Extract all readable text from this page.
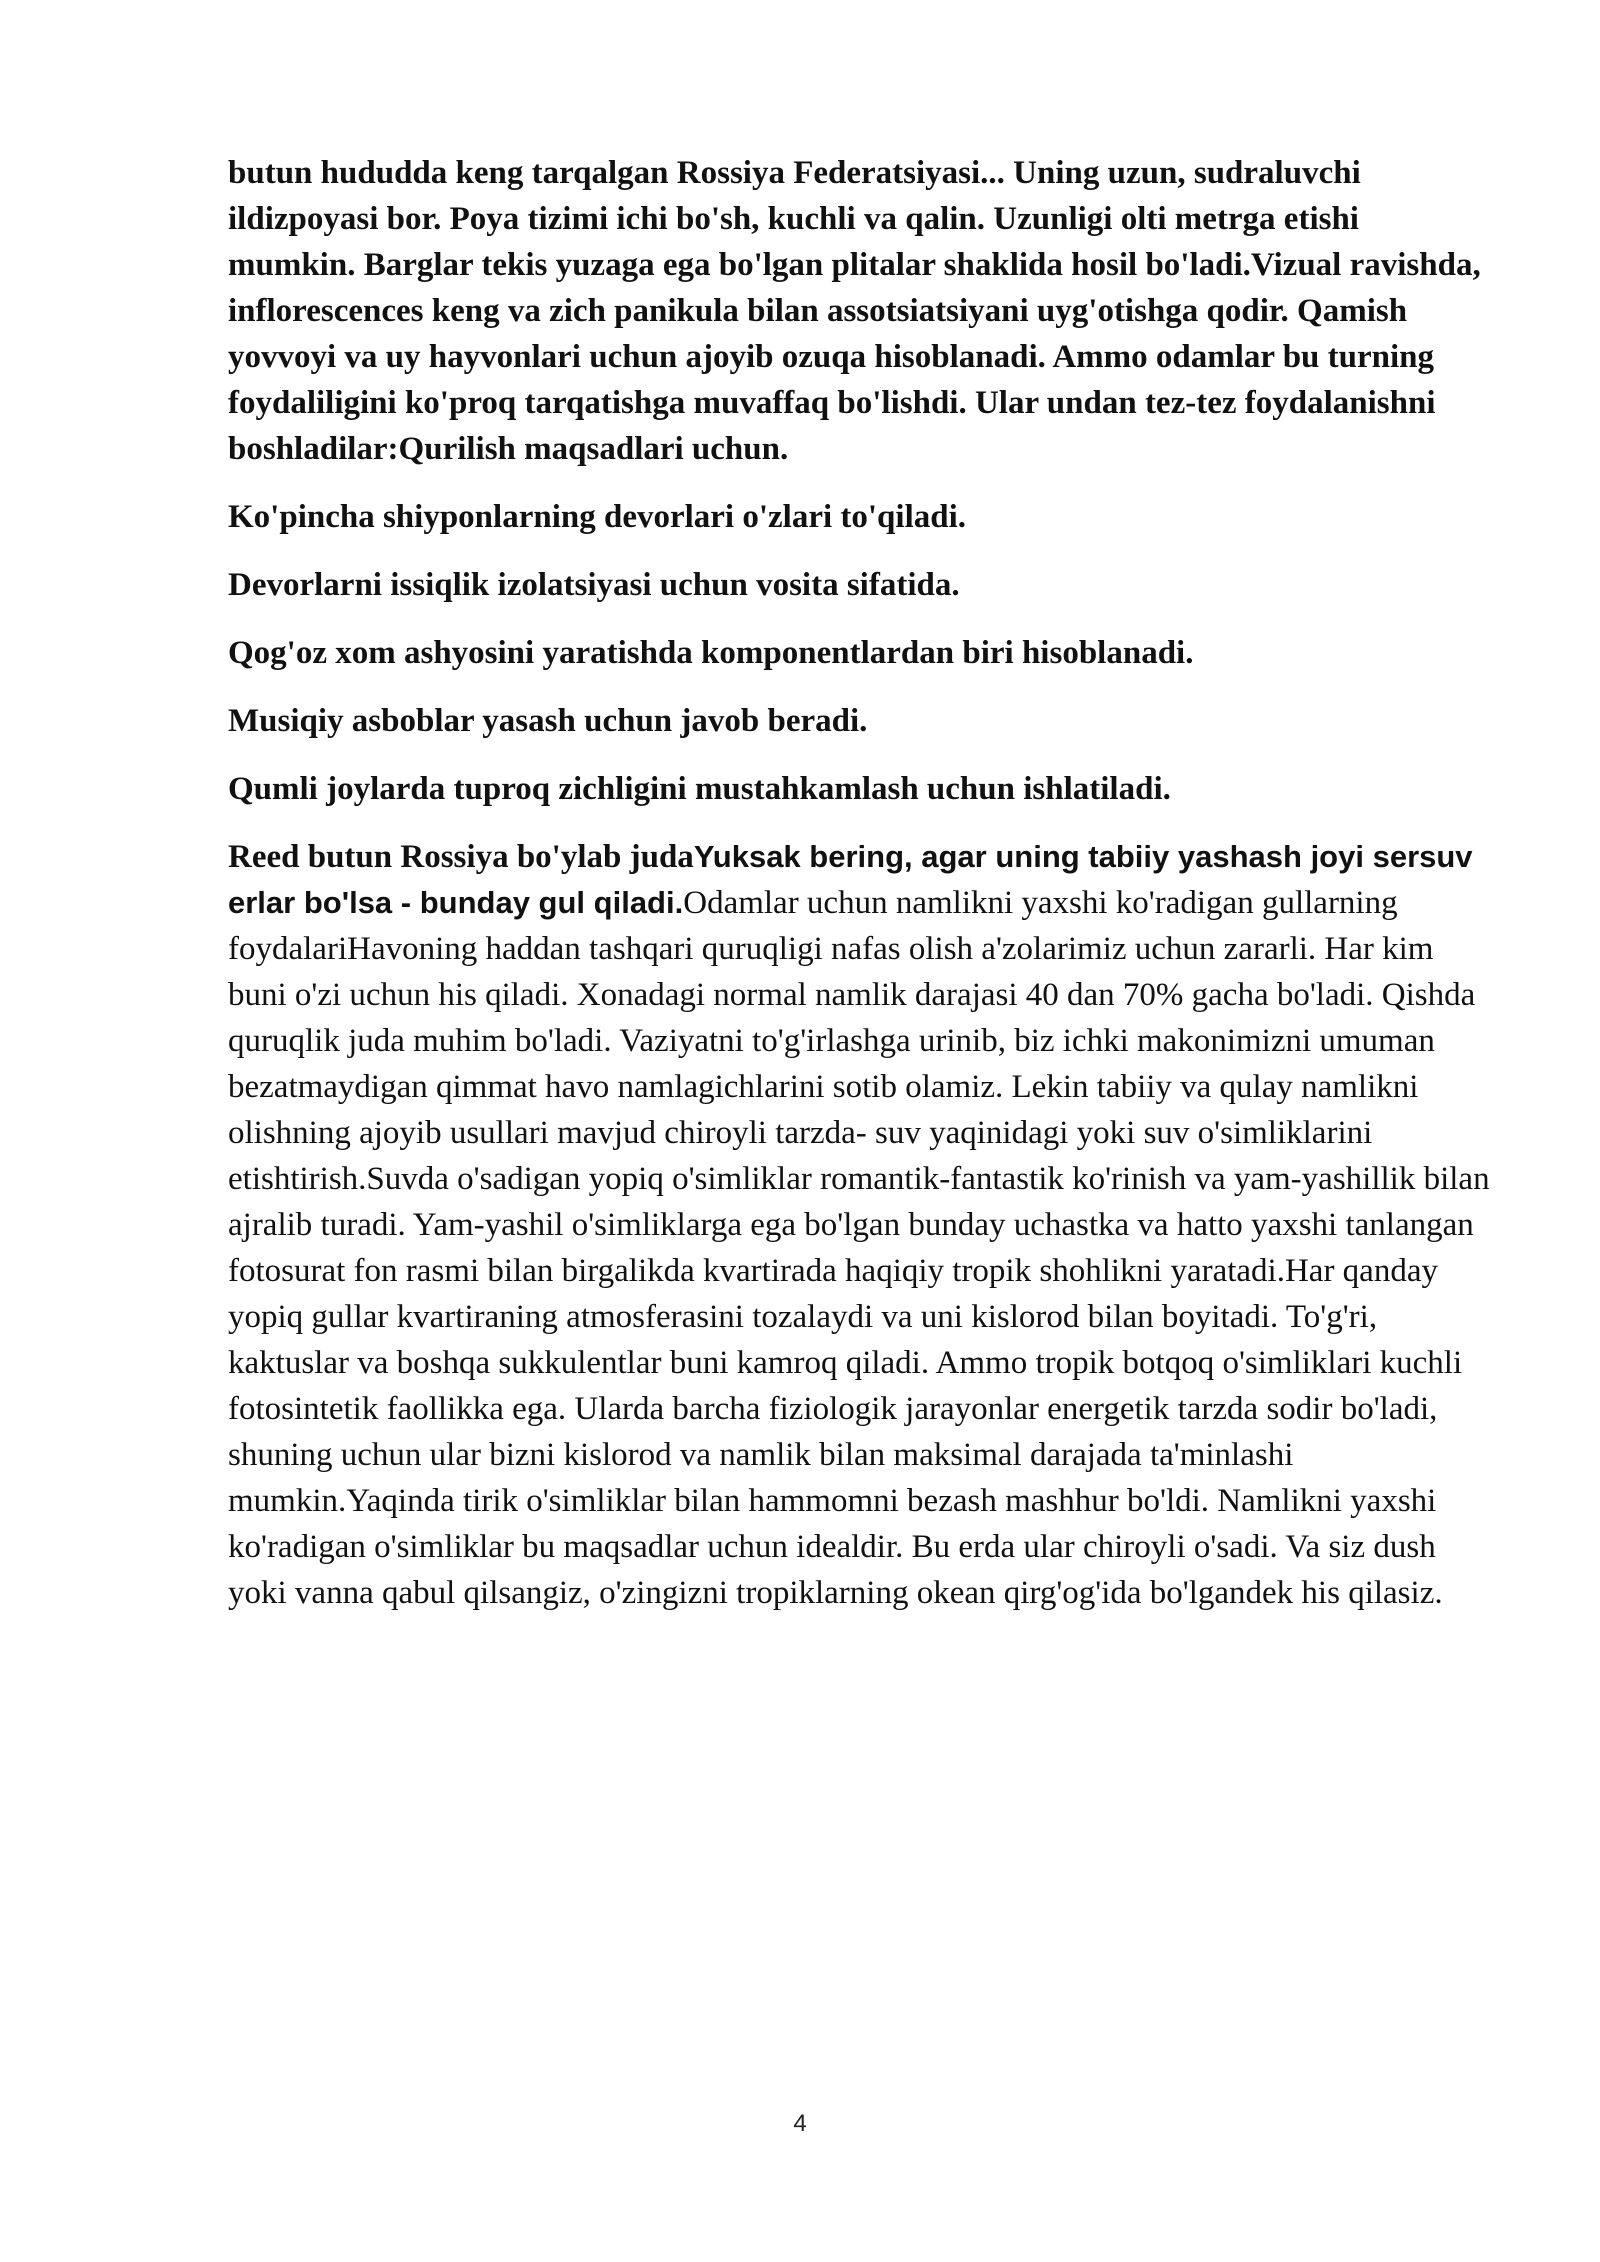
butun hududda keng tarqalgan Rossiya Federatsiyasi... Uning uzun, sudraluvchi ildizpoyasi bor. Poya tizimi ichi bo'sh, kuchli va qalin. Uzunligi olti metrga etishi mumkin. Barglar tekis yuzaga ega bo'lgan plitalar shaklida hosil bo'ladi.Vizual ravishda, inflorescences keng va zich panikula bilan assotsiatsiyani uyg'otishga qodir. Qamish yovvoyi va uy hayvonlari uchun ajoyib ozuqa hisoblanadi. Ammo odamlar bu turning foydaliligini ko'proq tarqatishga muvaffaq bo'lishdi. Ular undan tez-tez foydalanishni boshladilar:Qurilish maqsadlari uchun.

Ko'pincha shiyponlarning devorlari o'zlari to'qiladi.

Devorlarni issiqlik izolatsiyasi uchun vosita sifatida.

Qog'oz xom ashyosini yaratishda komponentlardan biri hisoblanadi.

Musiqiy asboblar yasash uchun javob beradi.

Qumli joylarda tuproq zichligini mustahkamlash uchun ishlatiladi.

Reed butun Rossiya bo'ylab judaYuksak bering, agar uning tabiiy yashash joyi sersuv erlar bo'lsa - bunday gul qiladi.Odamlar uchun namlikni yaxshi ko'radigan gullarning foydalariHavoning haddan tashqari quruqligi nafas olish a'zolarimiz uchun zararli. Har kim buni o'zi uchun his qiladi. Xonadagi normal namlik darajasi 40 dan 70% gacha bo'ladi. Qishda quruqlik juda muhim bo'ladi. Vaziyatni to'g'irlashga urinib, biz ichki makonimizni umuman bezatmaydigan qimmat havo namlagichlarini sotib olamiz. Lekin tabiiy va qulay namlikni olishning ajoyib usullari mavjud chiroyli tarzda- suv yaqinidagi yoki suv o'simliklarini etishtirish.Suvda o'sadigan yopiq o'simliklar romantik-fantastik ko'rinish va yam-yashillik bilan ajralib turadi. Yam-yashil o'simliklarga ega bo'lgan bunday uchastka va hatto yaxshi tanlangan fotosurat fon rasmi bilan birgalikda kvartirada haqiqiy tropik shohlikni yaratadi.Har qanday yopiq gullar kvartiraning atmosferasini tozalaydi va uni kislorod bilan boyitadi. To'g'ri, kaktuslar va boshqa sukkulentlar buni kamroq qiladi. Ammo tropik botqoq o'simliklari kuchli fotosintetik faollikka ega. Ularda barcha fiziologik jarayonlar energetik tarzda sodir bo'ladi, shuning uchun ular bizni kislorod va namlik bilan maksimal darajada ta'minlashi mumkin.Yaqinda tirik o'simliklar bilan hammomni bezash mashhur bo'ldi. Namlikni yaxshi ko'radigan o'simliklar bu maqsadlar uchun idealdir. Bu erda ular chiroyli o'sadi. Va siz dush yoki vanna qabul qilsangiz, o'zingizni tropiklarning okean qirg'og'ida bo'lgandek his qilasiz.

4
